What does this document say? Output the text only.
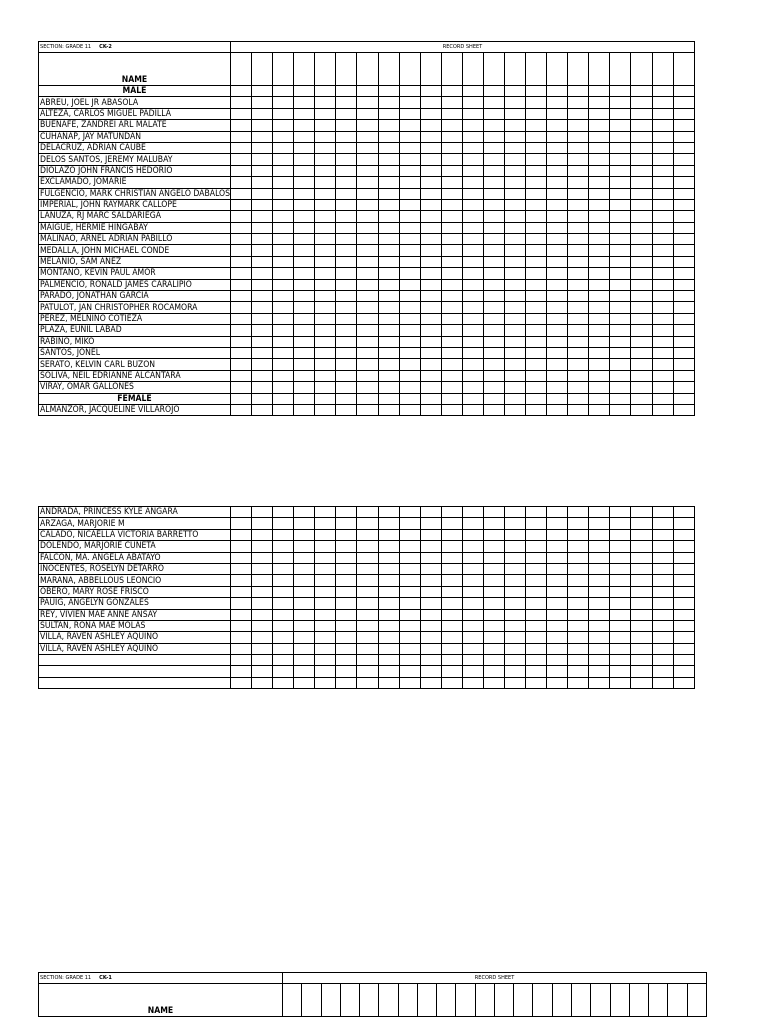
SECTION: GRADE 11 CK-2	RECORD SHEET																					
NAME																						
MALE																						
ABREU, JOEL JR ABASOLA																						
ALTEZA, CARLOS MIGUEL PADILLA																						
BUENAFE, ZANDREI ARL MALATE																						
CUHANAP, JAY MATUNDAN																						
DELACRUZ, ADRIAN CAUBE																						
DELOS SANTOS, JEREMY MALUBAY																						
DIOLAZO JOHN FRANCIS HEDORIO																						
EXCLAMADO, JOMARIE																						
FULGENCIO, MARK CHRISTIAN ANGELO DABALOS																						
IMPERIAL, JOHN RAYMARK CALLOPE																						
LANUZA, RJ MARC SALDARIEGA																						
MAIGUE, HERMIE HINGABAY																						
MALINAO, ARNEL ADRIAN PABILLO																						
MEDALLA, JOHN MICHAEL CONDE																						
MELANIO, SAM ANEZ																						
MONTANO, KEVIN PAUL AMOR																						
PALMENCIO, RONALD JAMES CARALIPIO																						
PARADO, JONATHAN GARCIA																						
PATULOT, JAN CHRISTOPHER ROCAMORA																						
PEREZ, MELNINO COTIEZA																						
PLAZA, EUNIL LABAD																						
RABINO, MIKO																						
SANTOS, JONEL																						
SERATO, KELVIN CARL BUZON																						
SOLIVA, NEIL EDRIANNE ALCANTARA																						
VIRAY, OMAR GALLONES																						
FEMALE																						
ALMANZOR, JACQUELINE VILLAROJO																						
ANDRADA, PRINCESS KYLE ANGARA																						
ARZAGA, MARJORIE M																						
CALADO, NICAELLA VICTORIA BARRETTO																						
DOLENDO, MARJORIE CUNETA																						
FALCON, MA. ANGELA ABATAYO																						
INOCENTES, ROSELYN DETARRO																						
MARANA, ABBELLOUS LEONCIO																						
OBERO, MARY ROSE FRISCO																						
PAUIG, ANGELYN GONZALES																						
REY, VIVIEN MAE ANNE ANSAY																						
SULTAN, RONA MAE MOLAS																						
VILLA, RAVEN ASHLEY AQUINO																						
VILLA, RAVEN ASHLEY AQUINO																						

SECTION: GRADE 11 CK-1	RECORD SHEET																					
NAME																						
